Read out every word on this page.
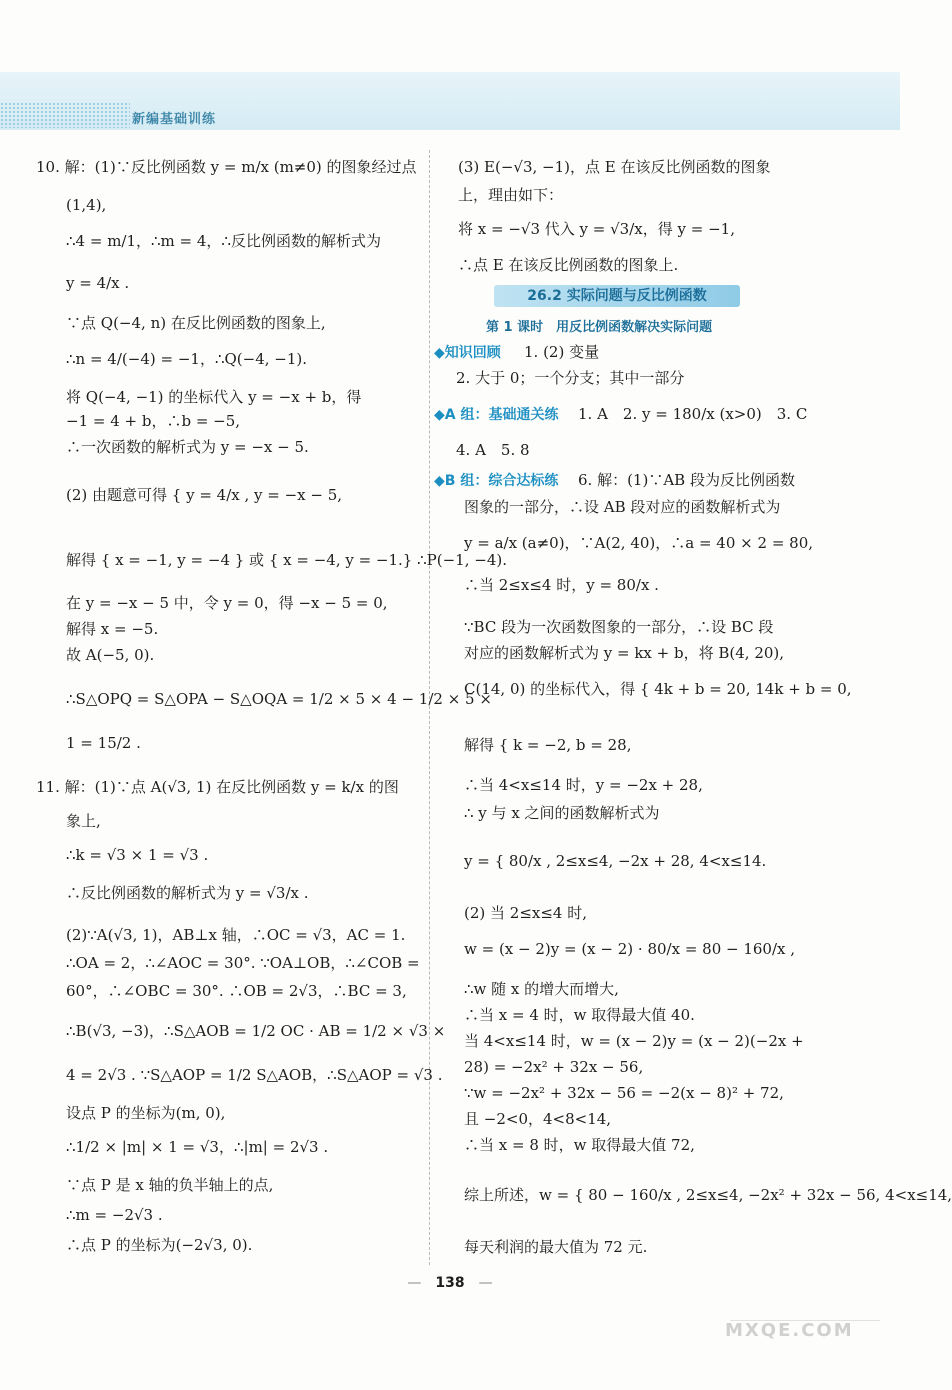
新编基础训练
10. 解：(1)∵反比例函数 y = m/x (m≠0) 的图象经过点
(1,4),
∴4 = m/1，∴m = 4，∴反比例函数的解析式为
y = 4/x .
∵点 Q(−4, n) 在反比例函数的图象上,
∴n = 4/(−4) = −1，∴Q(−4, −1).
将 Q(−4, −1) 的坐标代入 y = −x + b，得
−1 = 4 + b，∴b = −5,
∴一次函数的解析式为 y = −x − 5.
(2) 由题意可得 { y = 4/x , y = −x − 5,
解得 { x = −1, y = −4 } 或 { x = −4, y = −1.} ∴P(−1, −4).
在 y = −x − 5 中，令 y = 0，得 −x − 5 = 0,
解得 x = −5.
故 A(−5, 0).
∴S△OPQ = S△OPA − S△OQA = 1/2 × 5 × 4 − 1/2 × 5 ×
1 = 15/2 .
11. 解：(1)∵点 A(√3, 1) 在反比例函数 y = k/x 的图
象上,
∴k = √3 × 1 = √3 .
∴反比例函数的解析式为 y = √3/x .
(2)∵A(√3, 1)，AB⊥x 轴，∴OC = √3，AC = 1.
∴OA = 2，∴∠AOC = 30°. ∵OA⊥OB，∴∠COB =
60°，∴∠OBC = 30°. ∴OB = 2√3，∴BC = 3,
∴B(√3, −3)，∴S△AOB = 1/2 OC · AB = 1/2 × √3 ×
4 = 2√3 . ∵S△AOP = 1/2 S△AOB，∴S△AOP = √3 .
设点 P 的坐标为(m, 0),
∴1/2 × |m| × 1 = √3，∴|m| = 2√3 .
∵点 P 是 x 轴的负半轴上的点,
∴m = −2√3 .
∴点 P 的坐标为(−2√3, 0).
(3) E(−√3, −1)，点 E 在该反比例函数的图象
上，理由如下：
将 x = −√3 代入 y = √3/x，得 y = −1,
∴点 E 在该反比例函数的图象上.
26.2 实际问题与反比例函数
第 1 课时　用反比例函数解决实际问题
◆知识回顾 1. (2) 变量
2. 大于 0；一个分支；其中一部分
◆A 组：基础通关练 1. A　2. y = 180/x (x>0)　3. C
4. A　5. 8
◆B 组：综合达标练 6. 解：(1)∵AB 段为反比例函数
图象的一部分，∴设 AB 段对应的函数解析式为
y = a/x (a≠0)，∵A(2, 40)，∴a = 40 × 2 = 80,
∴当 2≤x≤4 时，y = 80/x .
∵BC 段为一次函数图象的一部分，∴设 BC 段
对应的函数解析式为 y = kx + b，将 B(4, 20),
C(14, 0) 的坐标代入，得 { 4k + b = 20, 14k + b = 0,
解得 { k = −2, b = 28,
∴当 4<x≤14 时，y = −2x + 28,
∴ y 与 x 之间的函数解析式为
y = { 80/x , 2≤x≤4, −2x + 28, 4<x≤14.
(2) 当 2≤x≤4 时,
w = (x − 2)y = (x − 2) · 80/x = 80 − 160/x ,
∴w 随 x 的增大而增大,
∴当 x = 4 时，w 取得最大值 40.
当 4<x≤14 时，w = (x − 2)y = (x − 2)(−2x +
28) = −2x² + 32x − 56,
∵w = −2x² + 32x − 56 = −2(x − 8)² + 72,
且 −2<0，4<8<14,
∴当 x = 8 时，w 取得最大值 72,
综上所述，w = { 80 − 160/x , 2≤x≤4, −2x² + 32x − 56, 4<x≤14,
每天利润的最大值为 72 元.
—　138　—
MXQE.COM
